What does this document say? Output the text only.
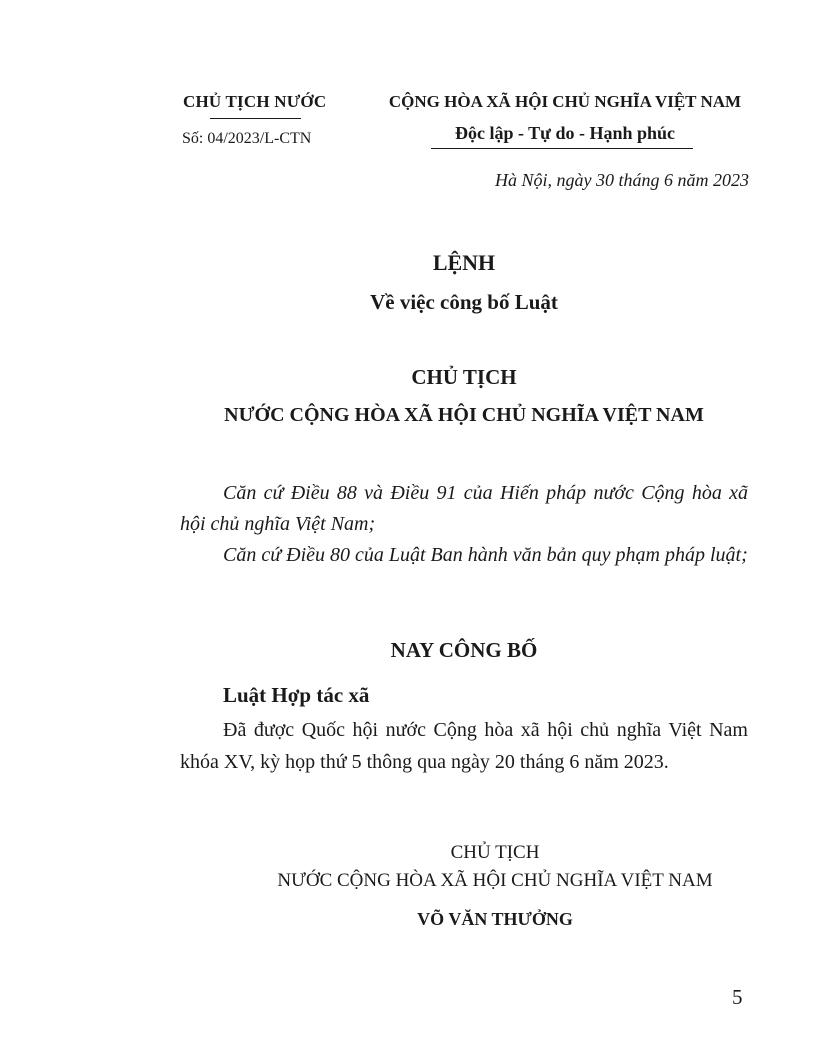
CHỦ TỊCH NƯỚC
Số: 04/2023/L-CTN
CỘNG HÒA XÃ HỘI CHỦ NGHĨA VIỆT NAM
Độc lập - Tự do - Hạnh phúc
Hà Nội, ngày 30 tháng 6 năm 2023
LỆNH
Về việc công bố Luật
CHỦ TỊCH
NƯỚC CỘNG HÒA XÃ HỘI CHỦ NGHĨA VIỆT NAM

Căn cứ Điều 88 và Điều 91 của Hiến pháp nước Cộng hòa xã hội chủ nghĩa Việt Nam;

Căn cứ Điều 80 của Luật Ban hành văn bản quy phạm pháp luật;

NAY CÔNG BỐ
Luật Hợp tác xã

Đã được Quốc hội nước Cộng hòa xã hội chủ nghĩa Việt Nam khóa XV, kỳ họp thứ 5 thông qua ngày 20 tháng 6 năm 2023.

CHỦ TỊCH
NƯỚC CỘNG HÒA XÃ HỘI CHỦ NGHĨA VIỆT NAM
VÕ VĂN THƯỞNG
5
